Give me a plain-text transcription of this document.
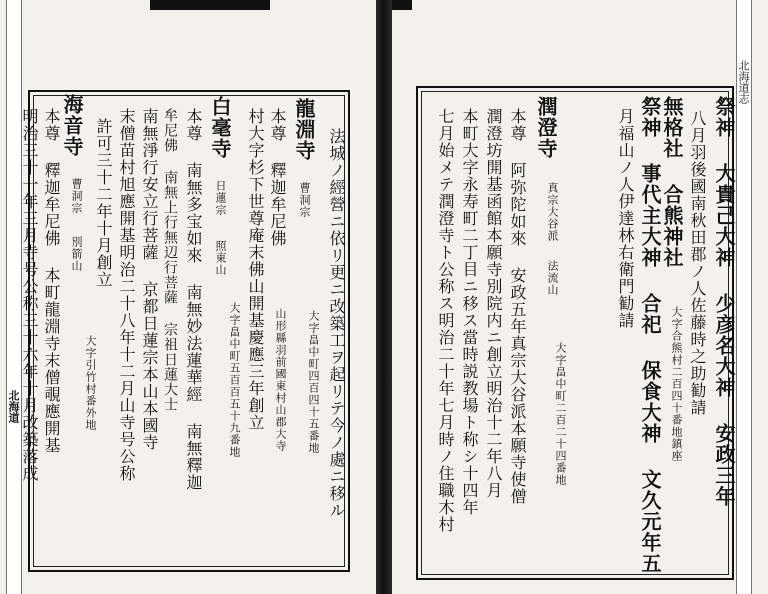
北海道	法城ノ經營ニ依リ更ニ改築工ヲ起リテ今ノ處ニ移ル
大字畠中町四百四十五番地
龍淵寺
曹洞宗
本尊 釋迦牟尼佛
山形縣羽前國東村山郡大寺
村大字杉下世尊庵末佛山開基慶應三年創立
大字畠中町五百百五十九番地
白毫寺
日蓮宗
照東山
本尊 南無多宝如來 南無妙法蓮華經 南無釋迦
牟尼佛 南無上行無辺行菩薩 宗祖日蓮大士
南無淨行安立行菩薩 京都日蓮宗本山本國寺
末僧苗村旭應開基明治二十八年十二月山寺号公称
許可三十二年十月創立
大字引竹村番外地
海音寺
曹洞宗
別箭山
本尊 釋迦牟尼佛 本町龍淵寺末僧覗應開基
明治三十一年三月寺号公称三十六年十月改築落成
北海道志
祭神 大貴己大神 少彦名大神 安政三年
八月羽後國南秋田郡ノ人佐藤時之助勧請
無格社 合熊神社
大字合熊村二百四十番地鎮座
祭神 事代主大神 合祀 保食大神 文久元年五
月福山ノ人伊達林右衛門勧請
潤澄寺
真宗大谷派
法流山
大字畠中町二百二十四番地
本尊 阿弥陀如來 安政五年真宗大谷派本願寺使僧
潤澄坊開基函館本願寺別院内ニ創立明治十二年八月
本町大字永寿町二丁目ニ移ス當時説教場ト称シ十四年
七月始メテ潤澄寺ト公称ス明治二十年七月時ノ住職木村
